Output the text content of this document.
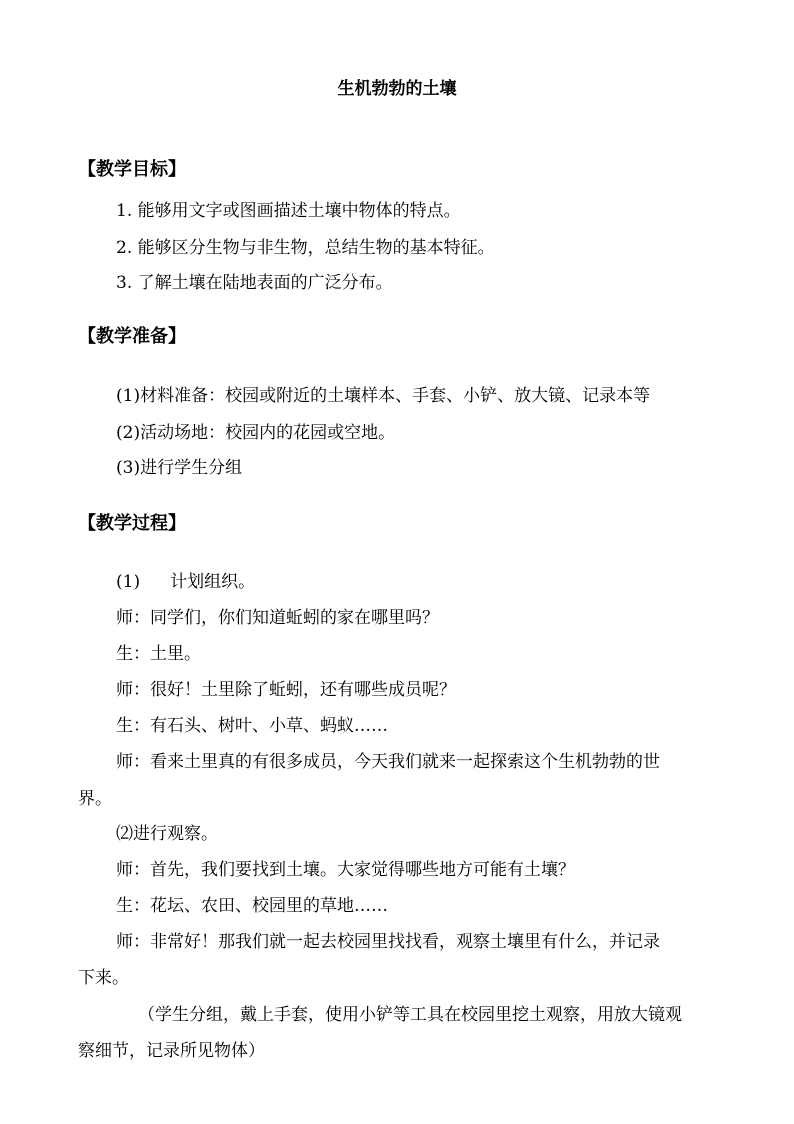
生机勃勃的土壤
【教学目标】
1. 能够用文字或图画描述土壤中物体的特点。
2. 能够区分生物与非生物，总结生物的基本特征。
3. 了解土壤在陆地表面的广泛分布。
【教学准备】
(1)材料准备：校园或附近的土壤样本、手套、小铲、放大镜、记录本等
(2)活动场地：校园内的花园或空地。
(3)进行学生分组
【教学过程】
(1) 计划组织。
师：同学们，你们知道蚯蚓的家在哪里吗？
生：土里。
师：很好！土里除了蚯蚓，还有哪些成员呢？
生：有石头、树叶、小草、蚂蚁……
师：看来土里真的有很多成员，今天我们就来一起探索这个生机勃勃的世
界。
⑵进行观察。
师：首先，我们要找到土壤。大家觉得哪些地方可能有土壤？
生：花坛、农田、校园里的草地……
师：非常好！那我们就一起去校园里找找看，观察土壤里有什么，并记录
下来。
（学生分组，戴上手套，使用小铲等工具在校园里挖土观察，用放大镜观
察细节，记录所见物体）
